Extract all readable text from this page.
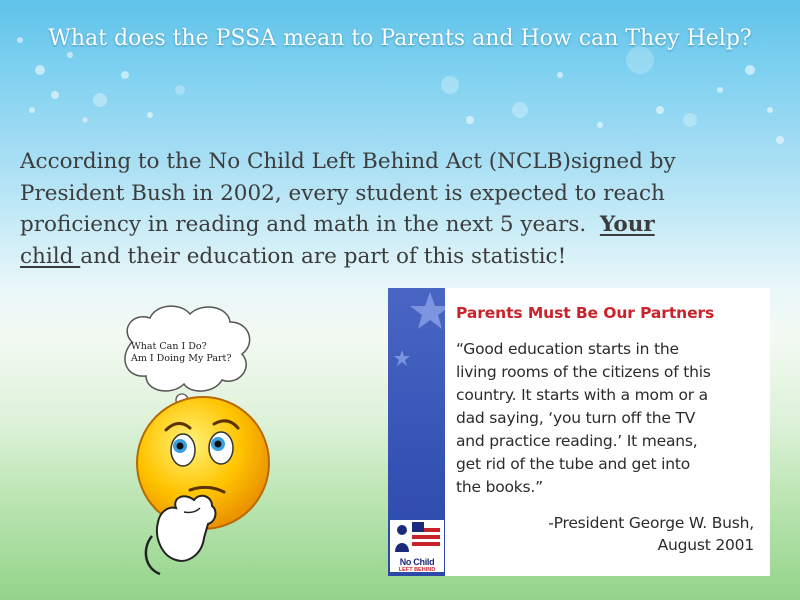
What does the PSSA mean to Parents and How can They Help?
According to the No Child Left Behind Act (NCLB)signed by
President Bush in 2002, every student is expected to reach
proficiency in reading and math in the next 5 years.  Your
child and their education are part of this statistic!
What Can I Do?
Am I Doing My Part?
No Child
LEFT BEHIND
Parents Must Be Our Partners
“Good education starts in the
living rooms of the citizens of this
country. It starts with a mom or a
dad saying, ‘you turn off the TV
and practice reading.’ It means,
get rid of the tube and get into
the books.”
-President George W. Bush,
August 2001
